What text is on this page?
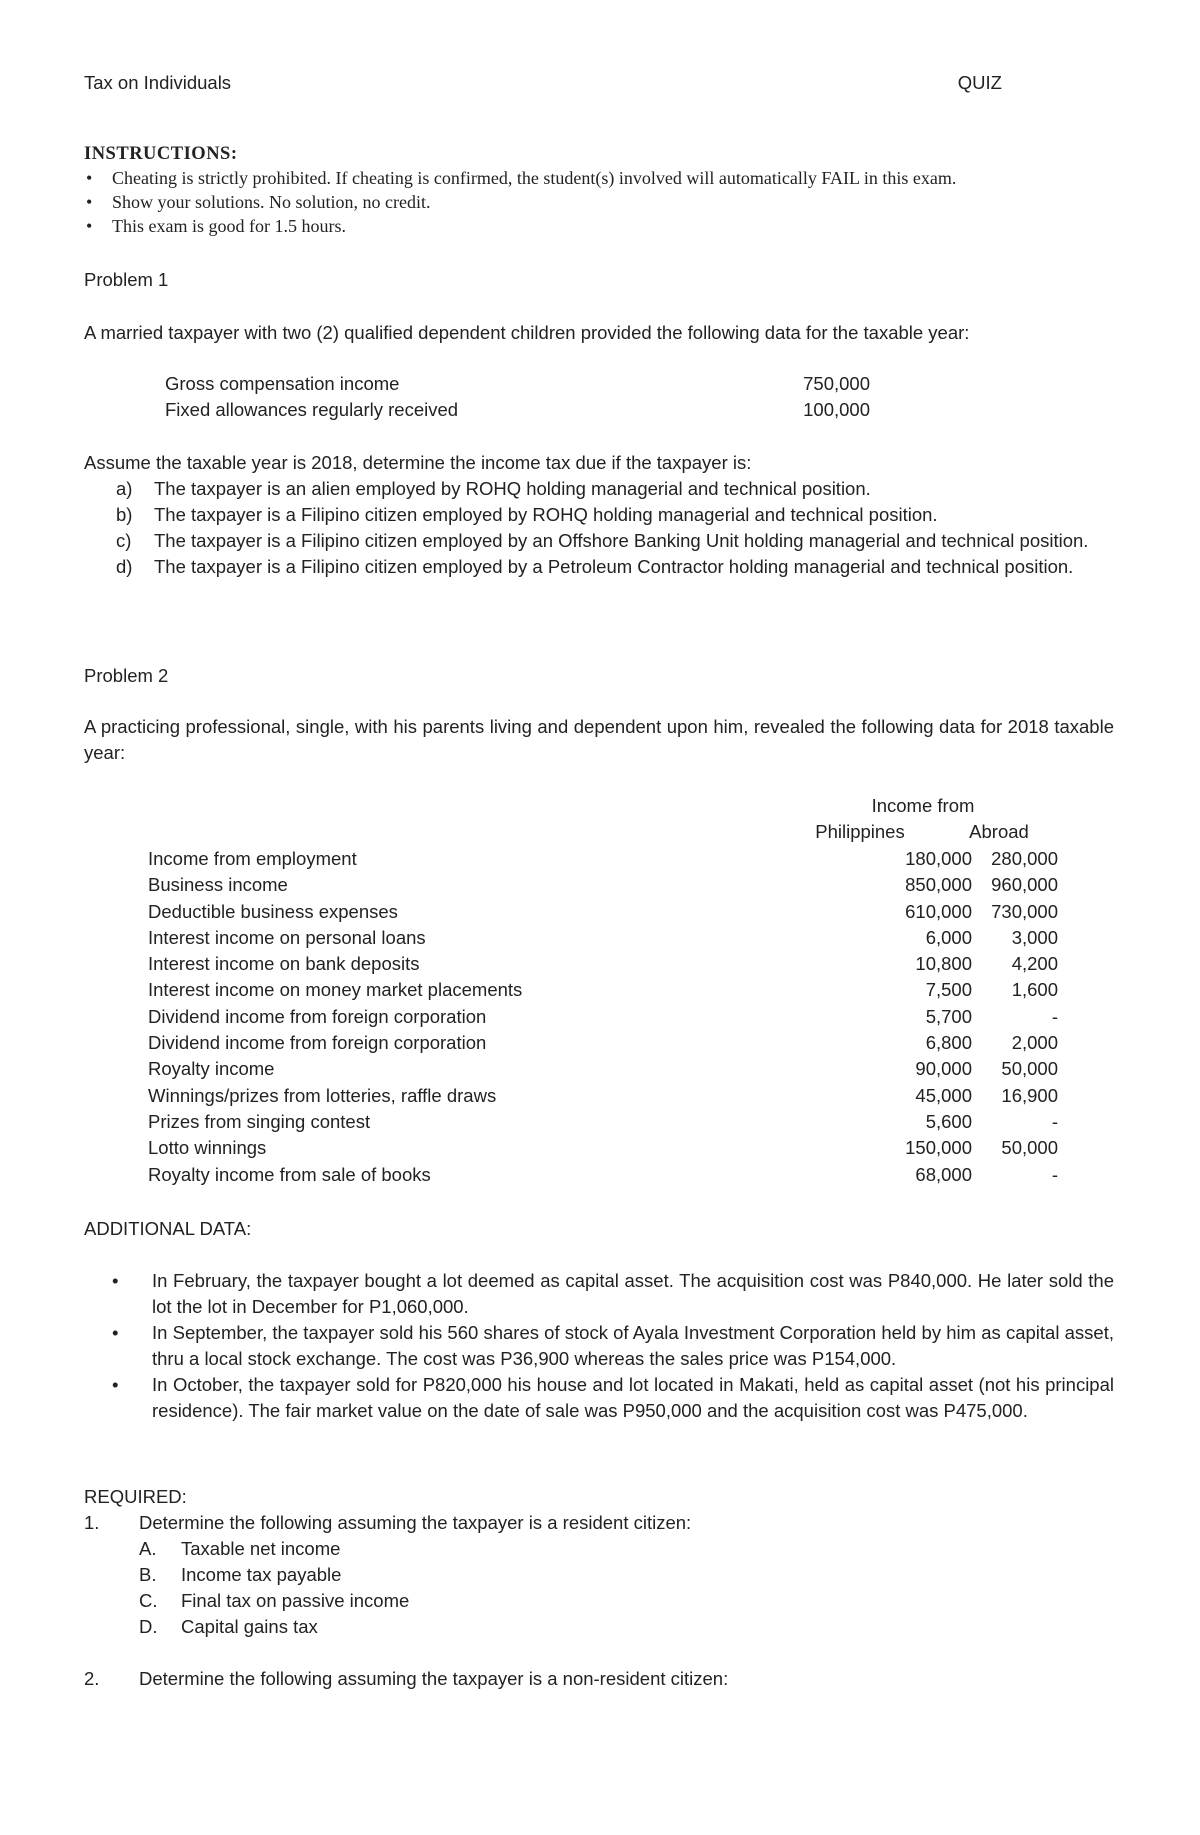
Tax on Individuals	QUIZ
INSTRUCTIONS:
• Cheating is strictly prohibited. If cheating is confirmed, the student(s) involved will automatically FAIL in this exam.
• Show your solutions. No solution, no credit.
• This exam is good for 1.5 hours.
Problem 1
A married taxpayer with two (2) qualified dependent children provided the following data for the taxable year:
Gross compensation income	750,000
Fixed allowances regularly received	100,000
Assume the taxable year is 2018, determine the income tax due if the taxpayer is:
a) The taxpayer is an alien employed by ROHQ holding managerial and technical position.
b) The taxpayer is a Filipino citizen employed by ROHQ holding managerial and technical position.
c) The taxpayer is a Filipino citizen employed by an Offshore Banking Unit holding managerial and technical position.
d) The taxpayer is a Filipino citizen employed by a Petroleum Contractor holding managerial and technical position.
Problem 2
A practicing professional, single, with his parents living and dependent upon him, revealed the following data for 2018 taxable year:
Income from
Philippines	Abroad
Income from employment	180,000	280,000
Business income	850,000	960,000
Deductible business expenses	610,000	730,000
Interest income on personal loans	6,000	3,000
Interest income on bank deposits	10,800	4,200
Interest income on money market placements	7,500	1,600
Dividend income from foreign corporation	5,700	-
Dividend income from foreign corporation	6,800	2,000
Royalty income	90,000	50,000
Winnings/prizes from lotteries, raffle draws	45,000	16,900
Prizes from singing contest	5,600	-
Lotto winnings	150,000	50,000
Royalty income from sale of books	68,000	-
ADDITIONAL DATA:
• In February, the taxpayer bought a lot deemed as capital asset. The acquisition cost was P840,000. He later sold the lot the lot in December for P1,060,000.
• In September, the taxpayer sold his 560 shares of stock of Ayala Investment Corporation held by him as capital asset, thru a local stock exchange. The cost was P36,900 whereas the sales price was P154,000.
• In October, the taxpayer sold for P820,000 his house and lot located in Makati, held as capital asset (not his principal residence). The fair market value on the date of sale was P950,000 and the acquisition cost was P475,000.
REQUIRED:
1. Determine the following assuming the taxpayer is a resident citizen:
A. Taxable net income
B. Income tax payable
C. Final tax on passive income
D. Capital gains tax
2. Determine the following assuming the taxpayer is a non-resident citizen:
